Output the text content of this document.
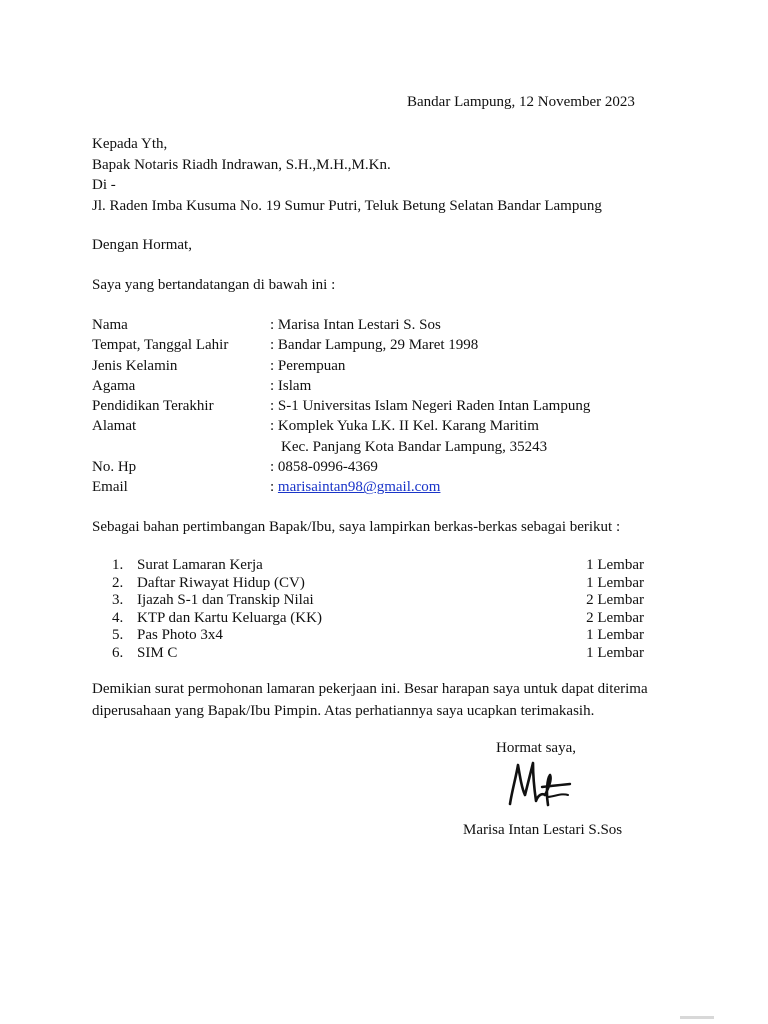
Bandar Lampung, 12 November 2023
Kepada Yth,
Bapak Notaris Riadh Indrawan, S.H.,M.H.,M.Kn.
Di -
Jl. Raden Imba Kusuma No. 19 Sumur Putri, Teluk Betung Selatan Bandar Lampung
Dengan Hormat,
Saya yang bertandatangan di bawah ini :
Nama	: Marisa Intan Lestari S. Sos
Tempat, Tanggal Lahir	: Bandar Lampung, 29 Maret 1998
Jenis Kelamin	: Perempuan
Agama	: Islam
Pendidikan Terakhir	: S-1 Universitas Islam Negeri Raden Intan Lampung
Alamat	: Komplek Yuka LK. II Kel. Karang Maritim
Kec. Panjang Kota Bandar Lampung, 35243
No. Hp	: 0858-0996-4369
Email	: marisaintan98@gmail.com
Sebagai bahan pertimbangan Bapak/Ibu, saya lampirkan berkas-berkas sebagai berikut :
1. Surat Lamaran Kerja	1 Lembar
2. Daftar Riwayat Hidup (CV)	1 Lembar
3. Ijazah S-1 dan Transkip Nilai	2 Lembar
4. KTP dan Kartu Keluarga (KK)	2 Lembar
5. Pas Photo 3x4	1 Lembar
6. SIM C	1 Lembar
Demikian surat permohonan lamaran pekerjaan ini. Besar harapan saya untuk dapat diterima
diperusahaan yang Bapak/Ibu Pimpin. Atas perhatiannya saya ucapkan terimakasih.
Hormat saya,
Marisa Intan Lestari S.Sos
